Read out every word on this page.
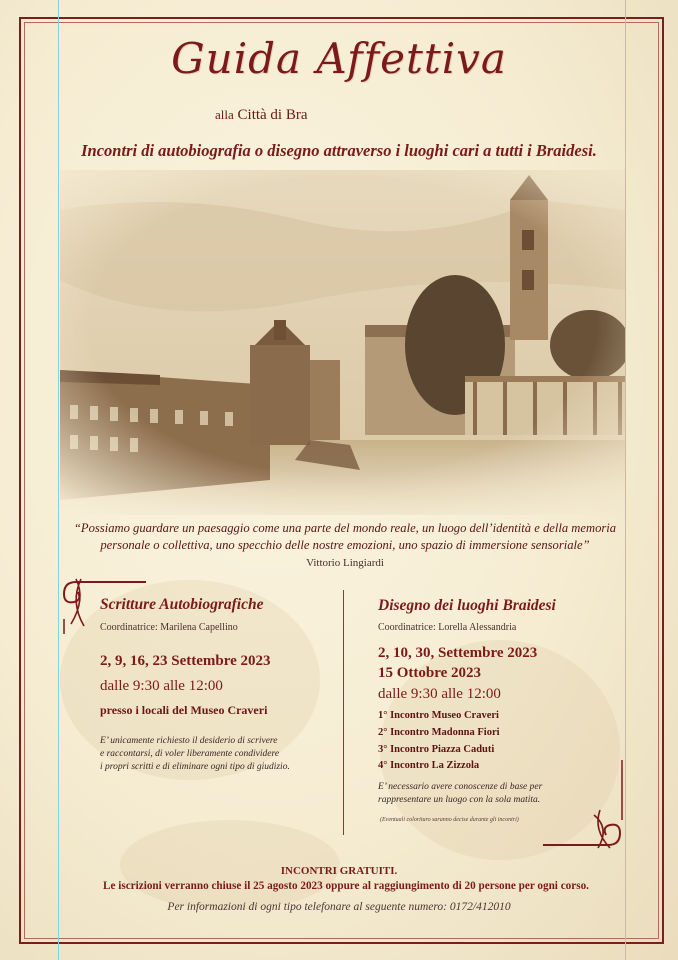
Guida Affettiva
alla Città di Bra
Incontri di autobiografia o disegno attraverso i luoghi cari a tutti i Braidesi.
“Possiamo guardare un paesaggio come una parte del mondo reale, un luogo dell’identità e della memoria personale o collettiva, uno specchio delle nostre emozioni, uno spazio di immersione sensoriale”
Vittorio Lingiardi
Scritture Autobiografiche
Coordinatrice: Marilena Capellino
2, 9, 16, 23 Settembre 2023
dalle 9:30 alle 12:00
presso i locali del Museo Craveri
E’ unicamente richiesto il desiderio di scrivere
e raccontarsi, di voler liberamente condividere
i propri scritti e di eliminare ogni tipo di giudizio.
Disegno dei luoghi Braidesi
Coordinatrice: Lorella Alessandria
2, 10, 30, Settembre 2023
15 Ottobre 2023
dalle 9:30 alle 12:00
1° Incontro Museo Craveri
2° Incontro Madonna Fiori
3° Incontro Piazza Caduti
4° Incontro La Zizzola
E’ necessario avere conoscenze di base per
rappresentare un luogo con la sola matita.
(Eventuali colorituro saranno decise durante gli incontri)
INCONTRI GRATUITI.
Le iscrizioni verranno chiuse il 25 agosto 2023 oppure al raggiungimento di 20 persone per ogni corso.
Per informazioni di ogni tipo telefonare al seguente numero: 0172/412010
